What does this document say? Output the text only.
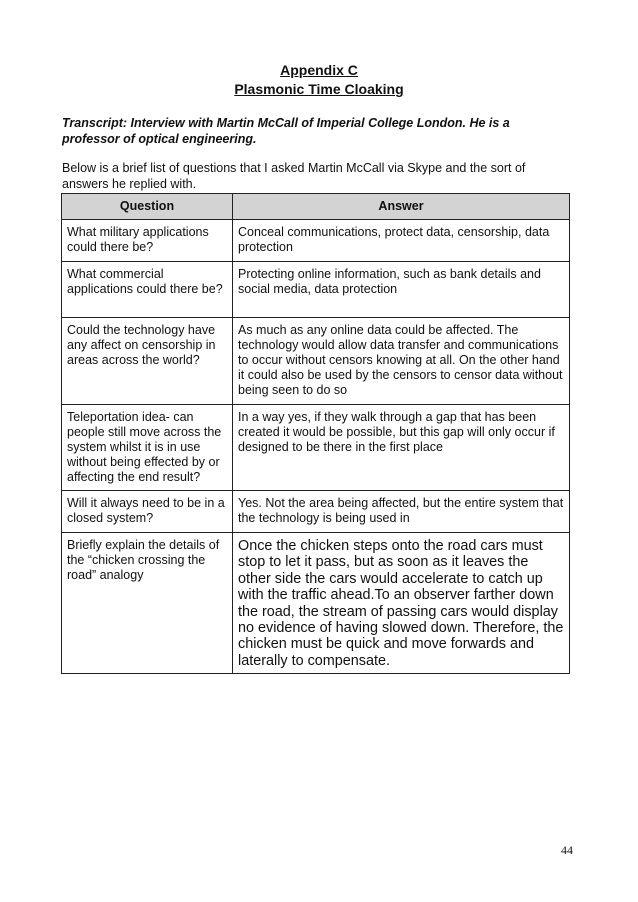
Appendix C
Plasmonic Time Cloaking
Transcript: Interview with Martin McCall of Imperial College London. He is a professor of optical engineering.
Below is a brief list of questions that I asked Martin McCall via Skype and the sort of answers he replied with.
Question	Answer
What military applications could there be?	Conceal communications, protect data, censorship, data protection
What commercial applications could there be?	Protecting online information, such as bank details and social media, data protection
Could the technology have any affect on censorship in areas across the world?	As much as any online data could be affected. The technology would allow data transfer and communications to occur without censors knowing at all. On the other hand it could also be used by the censors to censor data without being seen to do so
Teleportation idea- can people still move across the system whilst it is in use without being effected by or affecting the end result?	In a way yes, if they walk through a gap that has been created it would be possible, but this gap will only occur if designed to be there in the first place
Will it always need to be in a closed system?	Yes. Not the area being affected, but the entire system that the technology is being used in
Briefly explain the details of the “chicken crossing the road” analogy	Once the chicken steps onto the road cars must stop to let it pass, but as soon as it leaves the other side the cars would accelerate to catch up with the traffic ahead.To an observer farther down the road, the stream of passing cars would display no evidence of having slowed down. Therefore, the chicken must be quick and move forwards and laterally to compensate.
44
